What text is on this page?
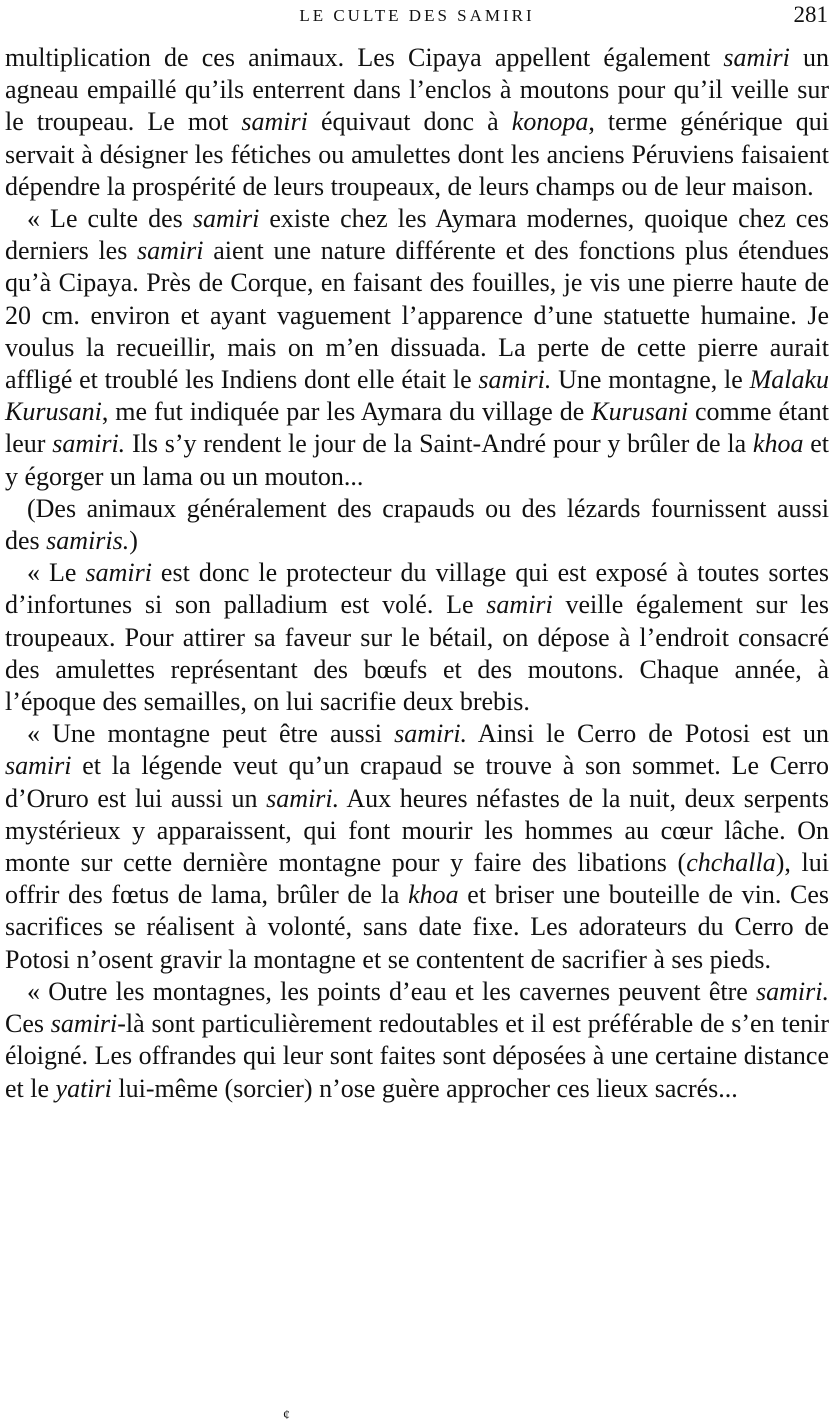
LE CULTE DES SAMIRI	281

multiplication de ces animaux. Les Cipaya appellent également samiri un agneau empaillé qu’ils enterrent dans l’enclos à moutons pour qu’il veille sur le troupeau. Le mot samiri équivaut donc à konopa, terme générique qui servait à désigner les fétiches ou amulettes dont les anciens Péruviens faisaient dépendre la prospérité de leurs troupeaux, de leurs champs ou de leur maison.

« Le culte des samiri existe chez les Aymara modernes, quoique chez ces derniers les samiri aient une nature différente et des fonctions plus étendues qu’à Cipaya. Près de Corque, en faisant des fouilles, je vis une pierre haute de 20 cm. environ et ayant vaguement l’apparence d’une statuette humaine. Je voulus la recueillir, mais on m’en dissuada. La perte de cette pierre aurait affligé et troublé les Indiens dont elle était le samiri. Une montagne, le Malaku Kurusani, me fut indiquée par les Aymara du village de Kurusani comme étant leur samiri. Ils s’y rendent le jour de la Saint-André pour y brûler de la khoa et y égorger un lama ou un mouton...

(Des animaux généralement des crapauds ou des lézards fournissent aussi des samiris.)

« Le samiri est donc le protecteur du village qui est exposé à toutes sortes d’infortunes si son palladium est volé. Le samiri veille également sur les troupeaux. Pour attirer sa faveur sur le bétail, on dépose à l’endroit consacré des amulettes représentant des bœufs et des moutons. Chaque année, à l’époque des semailles, on lui sacrifie deux brebis.

« Une montagne peut être aussi samiri. Ainsi le Cerro de Potosi est un samiri et la légende veut qu’un crapaud se trouve à son sommet. Le Cerro d’Oruro est lui aussi un samiri. Aux heures néfastes de la nuit, deux serpents mystérieux y apparaissent, qui font mourir les hommes au cœur lâche. On monte sur cette dernière montagne pour y faire des libations (chchalla), lui offrir des fœtus de lama, brûler de la khoa et briser une bouteille de vin. Ces sacrifices se réalisent à volonté, sans date fixe. Les adorateurs du Cerro de Potosi n’osent gravir la montagne et se contentent de sacrifier à ses pieds.

« Outre les montagnes, les points d’eau et les cavernes peuvent être samiri. Ces samiri-là sont particulièrement redoutables et il est préférable de s’en tenir éloigné. Les offrandes qui leur sont faites sont déposées à une certaine distance et le yatiri lui-même (sorcier) n’ose guère approcher ces lieux sacrés...

¢
